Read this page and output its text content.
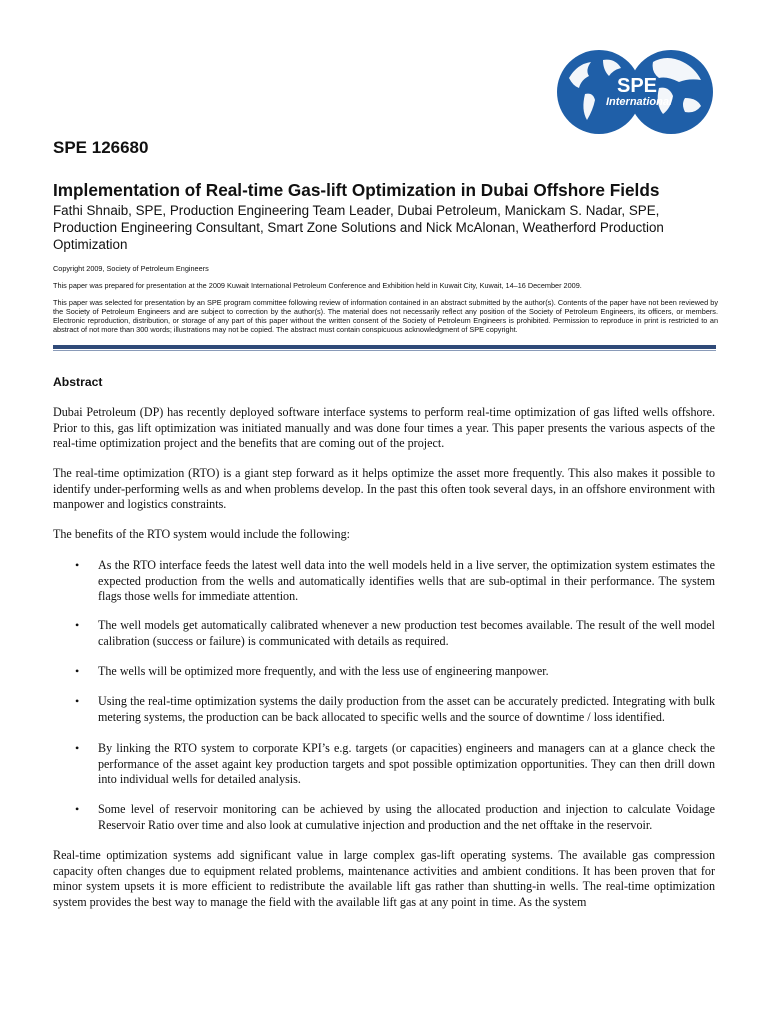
SPE
International
SPE 126680
Implementation of Real-time Gas-lift Optimization in Dubai Offshore Fields
Fathi Shnaib, SPE, Production Engineering Team Leader, Dubai Petroleum, Manickam S. Nadar, SPE, Production Engineering Consultant, Smart Zone Solutions and Nick McAlonan, Weatherford Production Optimization
Copyright 2009, Society of Petroleum Engineers
This paper was prepared for presentation at the 2009 Kuwait International Petroleum Conference and Exhibition held in Kuwait City, Kuwait, 14–16 December 2009.
This paper was selected for presentation by an SPE program committee following review of information contained in an abstract submitted by the author(s). Contents of the paper have not been reviewed by the Society of Petroleum Engineers and are subject to correction by the author(s). The material does not necessarily reflect any position of the Society of Petroleum Engineers, its officers, or members. Electronic reproduction, distribution, or storage of any part of this paper without the written consent of the Society of Petroleum Engineers is prohibited. Permission to reproduce in print is restricted to an abstract of not more than 300 words; illustrations may not be copied. The abstract must contain conspicuous acknowledgment of SPE copyright.
Abstract

Dubai Petroleum (DP) has recently deployed software interface systems to perform real-time optimization of gas lifted wells offshore. Prior to this, gas lift optimization was initiated manually and was done four times a year. This paper presents the various aspects of the real-time optimization project and the benefits that are coming out of the project.

The real-time optimization (RTO) is a giant step forward as it helps optimize the asset more frequently. This also makes it possible to identify under-performing wells as and when problems develop. In the past this often took several days, in an offshore environment with manpower and logistics constraints.

The benefits of the RTO system would include the following:

• As the RTO interface feeds the latest well data into the well models held in a live server, the optimization system estimates the expected production from the wells and automatically identifies wells that are sub-optimal in their performance. The system flags those wells for immediate attention.
• The well models get automatically calibrated whenever a new production test becomes available. The result of the well model calibration (success or failure) is communicated with details as required.
• The wells will be optimized more frequently, and with the less use of engineering manpower.
• Using the real-time optimization systems the daily production from the asset can be accurately predicted. Integrating with bulk metering systems, the production can be back allocated to specific wells and the source of downtime / loss identified.
• By linking the RTO system to corporate KPI’s e.g. targets (or capacities) engineers and managers can at a glance check the performance of the asset againt key production targets and spot possible optimization opportunities. They can then drill down into individual wells for detailed analysis.
• Some level of reservoir monitoring can be achieved by using the allocated production and injection to calculate Voidage Reservoir Ratio over time and also look at cumulative injection and production and the net offtake in the reservoir.

Real-time optimization systems add significant value in large complex gas-lift operating systems. The available gas compression capacity often changes due to equipment related problems, maintenance activities and ambient conditions. It has been proven that for minor system upsets it is more efficient to redistribute the available lift gas rather than shutting-in wells. The real-time optimization system provides the best way to manage the field with the available lift gas at any point in time. As the system
